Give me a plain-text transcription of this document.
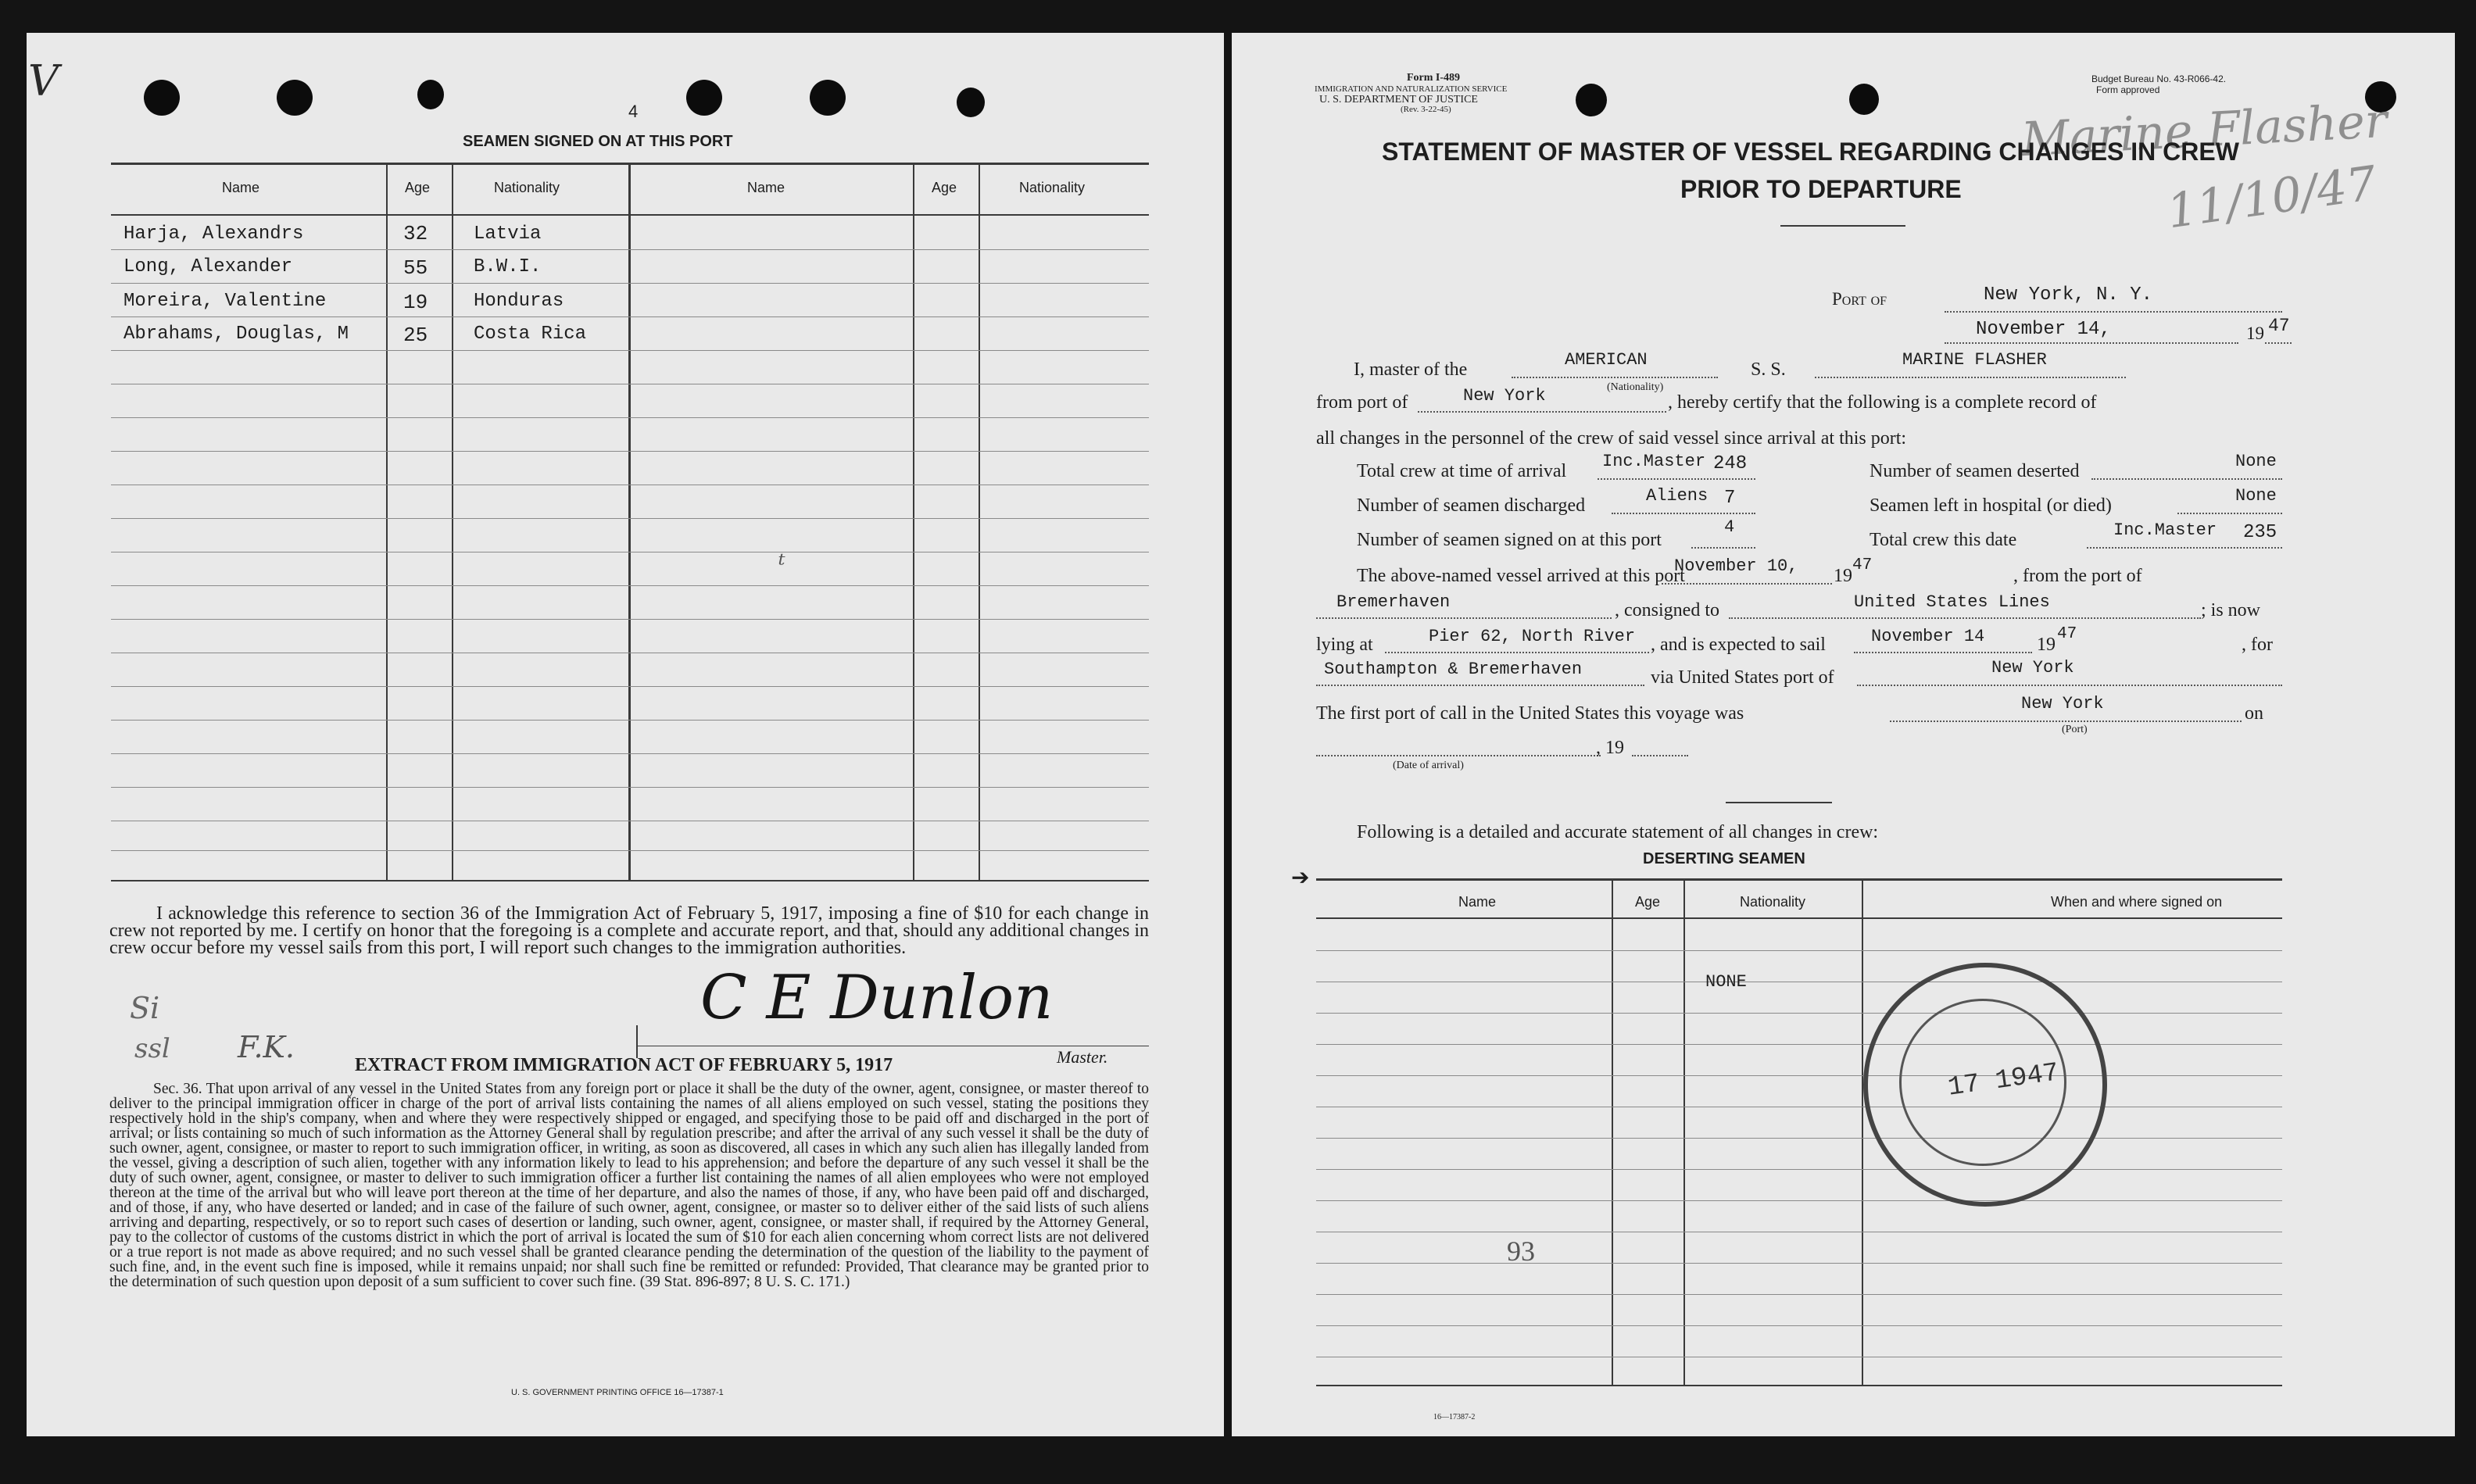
V
4
SEAMEN SIGNED ON AT THIS PORT
Name	Age	Nationality	Name	Age	Nationality
Harja, Alexandrs	32 Latvia
Long, Alexander	55 B.W.I.
Moreira, Valentine	19 Honduras
Abrahams, Douglas, M	25 Costa Rica
ᵗ
I acknowledge this reference to section 36 of the Immigration Act of February 5, 1917, imposing a fine of $10 for each change in crew not reported by me. I certify on honor that the foregoing is a complete and accurate report, and that, should any additional changes in crew occur before my vessel sails from this port, I will report such changes to the immigration authorities.
C E Dunlon
Master.
Si
ssl F.K.
EXTRACT FROM IMMIGRATION ACT OF FEBRUARY 5, 1917
Sec. 36. That upon arrival of any vessel in the United States from any foreign port or place it shall be the duty of the owner, agent, consignee, or master thereof to deliver to the principal immigration officer in charge of the port of arrival lists containing the names of all aliens employed on such vessel, stating the positions they respectively hold in the ship's company, when and where they were respectively shipped or engaged, and specifying those to be paid off and discharged in the port of arrival; or lists containing so much of such information as the Attorney General shall by regulation prescribe; and after the arrival of any such vessel it shall be the duty of such owner, agent, consignee, or master to report to such immigration officer, in writing, as soon as discovered, all cases in which any such alien has illegally landed from the vessel, giving a description of such alien, together with any information likely to lead to his apprehension; and before the departure of any such vessel it shall be the duty of such owner, agent, consignee, or master to deliver to such immigration officer a further list containing the names of all alien employees who were not employed thereon at the time of the arrival but who will leave port thereon at the time of her departure, and also the names of those, if any, who have been paid off and discharged, and of those, if any, who have deserted or landed; and in case of the failure of such owner, agent, consignee, or master so to deliver either of the said lists of such aliens arriving and departing, respectively, or so to report such cases of desertion or landing, such owner, agent, consignee, or master shall, if required by the Attorney General, pay to the collector of customs of the customs district in which the port of arrival is located the sum of $10 for each alien concerning whom correct lists are not delivered or a true report is not made as above required; and no such vessel shall be granted clearance pending the determination of the question of the liability to the payment of such fine, and, in the event such fine is imposed, while it remains unpaid; nor shall such fine be remitted or refunded: Provided, That clearance may be granted prior to the determination of such question upon deposit of a sum sufficient to cover such fine. (39 Stat. 896-897; 8 U. S. C. 171.)
U. S. GOVERNMENT PRINTING OFFICE 16—17387-1
Form I-489
IMMIGRATION AND NATURALIZATION SERVICE
U. S. DEPARTMENT OF JUSTICE
(Rev. 3-22-45)
Budget Bureau No. 43-R066-42.
Form approved
Marine Flasher
11/10/47
STATEMENT OF MASTER OF VESSEL REGARDING CHANGES IN CREW
PRIOR TO DEPARTURE
Port of	New York, N. Y.
November 14,	19 47
I, master of the	AMERICAN
(Nationality)
S. S.	MARINE FLASHER
from port of	New York	, hereby certify that the following is a complete record of
all changes in the personnel of the crew of said vessel since arrival at this port:
Total crew at time of arrival Inc.Master 248	Number of seamen deserted	None
Number of seamen discharged	Aliens 7	Seamen left in hospital (or died)	None
Number of seamen signed on at this port
4
Total crew this date	Inc.Master 235
The above-named vessel arrived at this port
November 10, 19
47
, from the port of
Bremerhaven	, consigned to	United States Lines	; is now
lying at	Pier 62, North River , and is expected to sail	November 14	19
47
, for
Southampton & Bremerhaven	via United States port of	New York
The first port of call in the United States this voyage was	New York
(Port)
on
(Date of arrival)
, 19
Following is a detailed and accurate statement of all changes in crew:
DESERTING SEAMEN
➔
Name	Age	Nationality	When and where signed on
NONE
93
17 1947
16—17387-2
